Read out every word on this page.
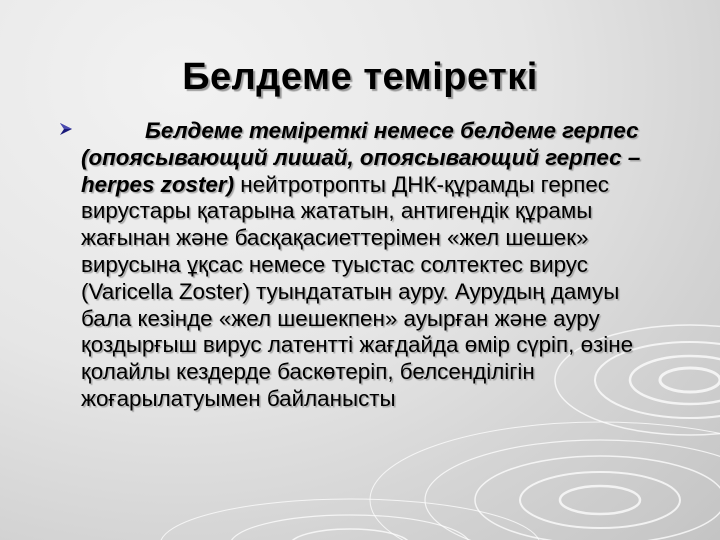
Белдеме теміреткі
Белдеме теміреткі немесе белдеме герпес (опоясывающий лишай, опоясывающий герпес – herpes zoster) нейтротропты ДНК-құрамды герпес вирустары қатарына жататын, антигендік құрамы жағынан және басқақасиеттерімен «жел шешек» вирусына ұқсас немесе туыстас солтектес вирус (Varicella Zoster) туындататын ауру. Аурудың дамуы бала кезінде «жел шешекпен» ауырған және ауру қоздырғыш вирус латентті жағдайда өмір сүріп, өзіне қолайлы кездерде баскөтеріп, белсенділігін жоғарылатуымен байланысты
